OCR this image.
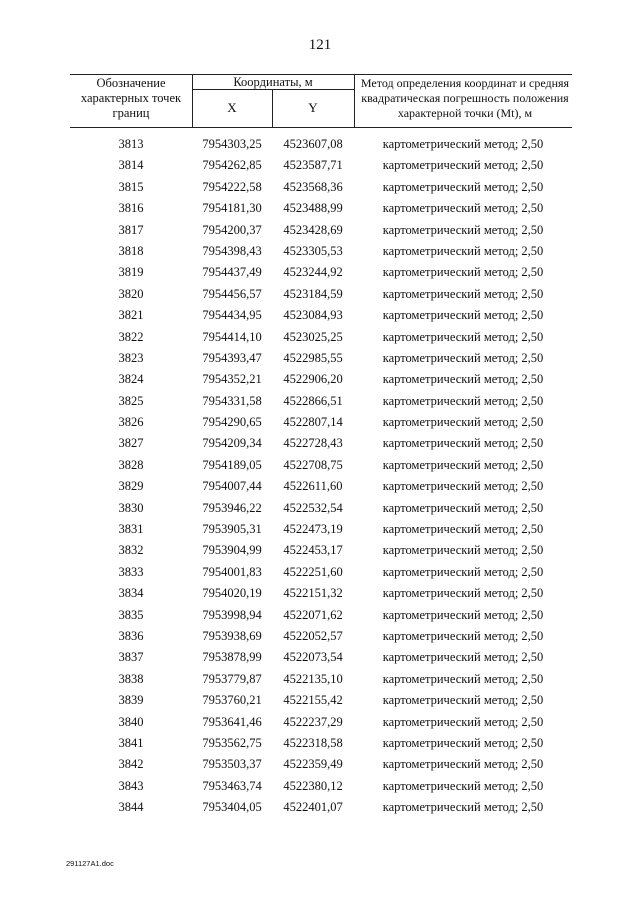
121
Обозначение характерных точек границ
Координаты, м
X	Y
Метод определения координат и средняя квадратическая погрешность положения характерной точки (Mt), м
3813	7954303,25	4523607,08	картометрический метод; 2,50
3814	7954262,85	4523587,71	картометрический метод; 2,50
3815	7954222,58	4523568,36	картометрический метод; 2,50
3816	7954181,30	4523488,99	картометрический метод; 2,50
3817	7954200,37	4523428,69	картометрический метод; 2,50
3818	7954398,43	4523305,53	картометрический метод; 2,50
3819	7954437,49	4523244,92	картометрический метод; 2,50
3820	7954456,57	4523184,59	картометрический метод; 2,50
3821	7954434,95	4523084,93	картометрический метод; 2,50
3822	7954414,10	4523025,25	картометрический метод; 2,50
3823	7954393,47	4522985,55	картометрический метод; 2,50
3824	7954352,21	4522906,20	картометрический метод; 2,50
3825	7954331,58	4522866,51	картометрический метод; 2,50
3826	7954290,65	4522807,14	картометрический метод; 2,50
3827	7954209,34	4522728,43	картометрический метод; 2,50
3828	7954189,05	4522708,75	картометрический метод; 2,50
3829	7954007,44	4522611,60	картометрический метод; 2,50
3830	7953946,22	4522532,54	картометрический метод; 2,50
3831	7953905,31	4522473,19	картометрический метод; 2,50
3832	7953904,99	4522453,17	картометрический метод; 2,50
3833	7954001,83	4522251,60	картометрический метод; 2,50
3834	7954020,19	4522151,32	картометрический метод; 2,50
3835	7953998,94	4522071,62	картометрический метод; 2,50
3836	7953938,69	4522052,57	картометрический метод; 2,50
3837	7953878,99	4522073,54	картометрический метод; 2,50
3838	7953779,87	4522135,10	картометрический метод; 2,50
3839	7953760,21	4522155,42	картометрический метод; 2,50
3840	7953641,46	4522237,29	картометрический метод; 2,50
3841	7953562,75	4522318,58	картометрический метод; 2,50
3842	7953503,37	4522359,49	картометрический метод; 2,50
3843	7953463,74	4522380,12	картометрический метод; 2,50
3844	7953404,05	4522401,07	картометрический метод; 2,50
291127A1.doc
